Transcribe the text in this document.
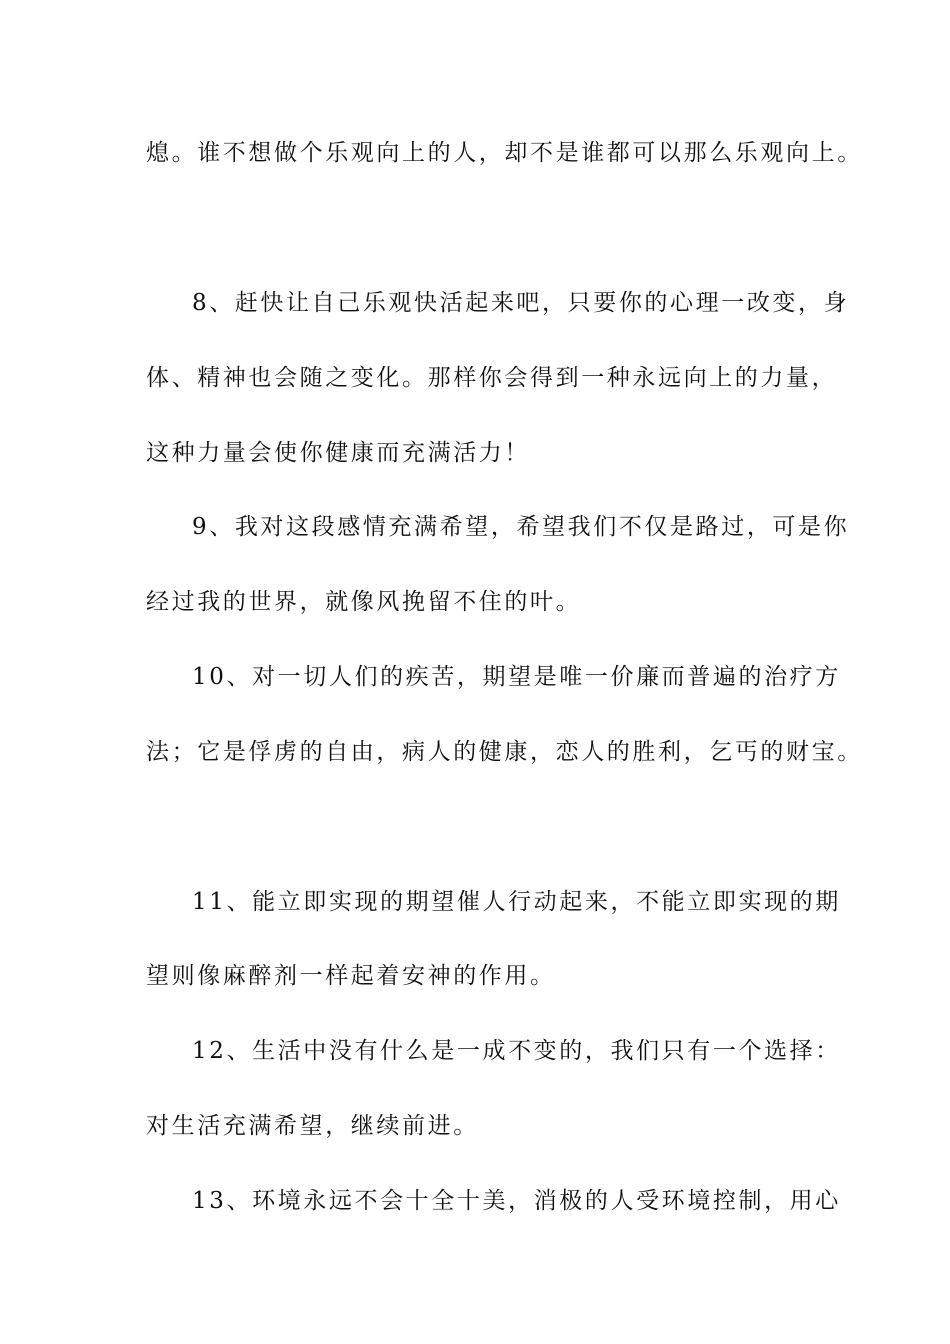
熄。谁不想做个乐观向上的人，却不是谁都可以那么乐观向上。
8、赶快让自己乐观快活起来吧，只要你的心理一改变，身
体、精神也会随之变化。那样你会得到一种永远向上的力量，
这种力量会使你健康而充满活力！
9、我对这段感情充满希望，希望我们不仅是路过，可是你
经过我的世界，就像风挽留不住的叶。
10、对一切人们的疾苦，期望是唯一价廉而普遍的治疗方
法；它是俘虏的自由，病人的健康，恋人的胜利，乞丐的财宝。
11、能立即实现的期望催人行动起来，不能立即实现的期
望则像麻醉剂一样起着安神的作用。
12、生活中没有什么是一成不变的，我们只有一个选择：
对生活充满希望，继续前进。
13、环境永远不会十全十美，消极的人受环境控制，用心
